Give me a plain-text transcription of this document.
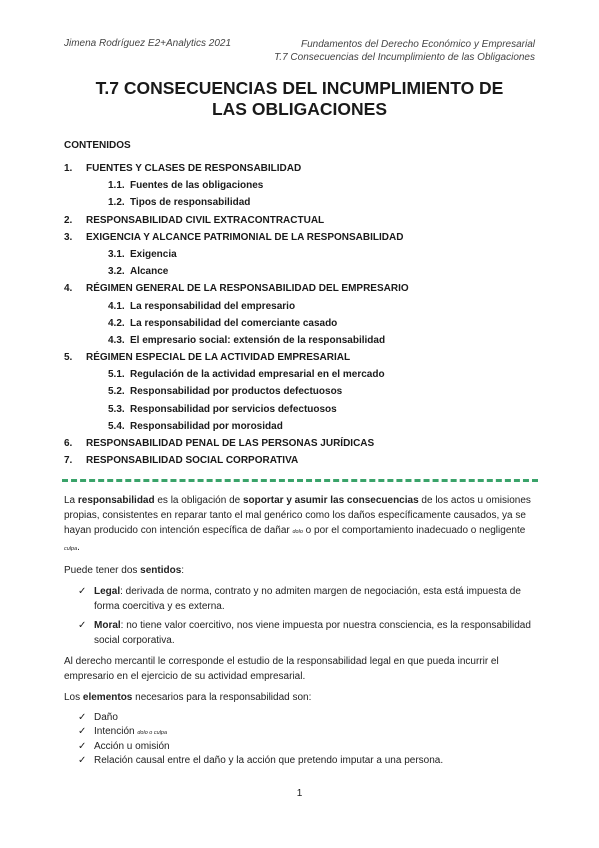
Jimena Rodríguez E2+Analytics 2021	Fundamentos del Derecho Económico y Empresarial
T.7 Consecuencias del Incumplimiento de las Obligaciones
T.7 CONSECUENCIAS DEL INCUMPLIMIENTO DE
LAS OBLIGACIONES
CONTENIDOS
1. FUENTES Y CLASES DE RESPONSABILIDAD
1.1. Fuentes de las obligaciones
1.2. Tipos de responsabilidad
2. RESPONSABILIDAD CIVIL EXTRACONTRACTUAL
3. EXIGENCIA Y ALCANCE PATRIMONIAL DE LA RESPONSABILIDAD
3.1. Exigencia
3.2. Alcance
4. RÉGIMEN GENERAL DE LA RESPONSABILIDAD DEL EMPRESARIO
4.1. La responsabilidad del empresario
4.2. La responsabilidad del comerciante casado
4.3. El empresario social: extensión de la responsabilidad
5. RÉGIMEN ESPECIAL DE LA ACTIVIDAD EMPRESARIAL
5.1. Regulación de la actividad empresarial en el mercado
5.2. Responsabilidad por productos defectuosos
5.3. Responsabilidad por servicios defectuosos
5.4. Responsabilidad por morosidad
6. RESPONSABILIDAD PENAL DE LAS PERSONAS JURÍDICAS
7. RESPONSABILIDAD SOCIAL CORPORATIVA

La responsabilidad es la obligación de soportar y asumir las consecuencias de los actos u omisiones propias, consistentes en reparar tanto el mal genérico como los daños específicamente causados, ya se hayan producido con intención específica de dañar dolo o por el comportamiento inadecuado o negligente culpa.

Puede tener dos sentidos:

✓ Legal: derivada de norma, contrato y no admiten margen de negociación, esta está impuesta de forma coercitiva y es externa.
✓ Moral: no tiene valor coercitivo, nos viene impuesta por nuestra consciencia, es la responsabilidad social corporativa.

Al derecho mercantil le corresponde el estudio de la responsabilidad legal en que pueda incurrir el empresario en el ejercicio de su actividad empresarial.

Los elementos necesarios para la responsabilidad son:

✓ Daño
✓ Intención dolo o culpa
✓ Acción u omisión
✓ Relación causal entre el daño y la acción que pretendo imputar a una persona.
1
